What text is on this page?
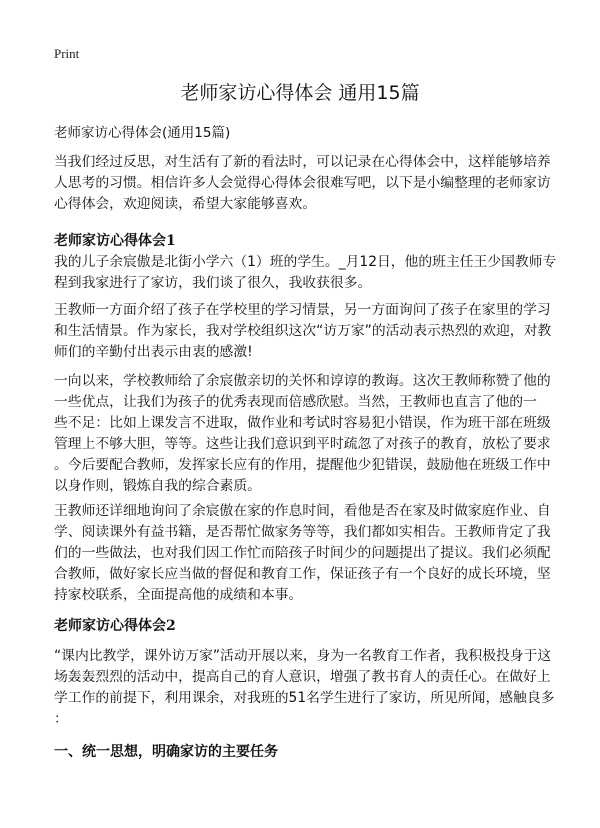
Print
老师家访心得体会 通用15篇
老师家访心得体会(通用15篇)
当我们经过反思，对生活有了新的看法时，可以记录在心得体会中，这样能够培养
人思考的习惯。相信许多人会觉得心得体会很难写吧，以下是小编整理的老师家访
心得体会，欢迎阅读，希望大家能够喜欢。
老师家访心得体会1
我的儿子余宸傲是北街小学六（1）班的学生。_月12日，他的班主任王少国教师专
程到我家进行了家访，我们谈了很久，我收获很多。
王教师一方面介绍了孩子在学校里的学习情景，另一方面询问了孩子在家里的学习
和生活情景。作为家长，我对学校组织这次“访万家”的活动表示热烈的欢迎，对教
师们的辛勤付出表示由衷的感激!
一向以来，学校教师给了余宸傲亲切的关怀和谆谆的教诲。这次王教师称赞了他的
一些优点，让我们为孩子的优秀表现而倍感欣慰。当然，王教师也直言了他的一
些不足：比如上课发言不进取，做作业和考试时容易犯小错误，作为班干部在班级
管理上不够大胆，等等。这些让我们意识到平时疏忽了对孩子的教育，放松了要求
。今后要配合教师，发挥家长应有的作用，提醒他少犯错误，鼓励他在班级工作中
以身作则，锻炼自我的综合素质。
王教师还详细地询问了余宸傲在家的作息时间，看他是否在家及时做家庭作业、自
学、阅读课外有益书籍，是否帮忙做家务等等，我们都如实相告。王教师肯定了我
们的一些做法，也对我们因工作忙而陪孩子时间少的问题提出了提议。我们必须配
合教师，做好家长应当做的督促和教育工作，保证孩子有一个良好的成长环境，坚
持家校联系，全面提高他的成绩和本事。
老师家访心得体会2
“课内比教学，课外访万家”活动开展以来，身为一名教育工作者，我积极投身于这
场轰轰烈烈的活动中，提高自己的育人意识，增强了教书育人的责任心。在做好上
学工作的前提下，利用课余，对我班的51名学生进行了家访，所见所闻，感触良多
：
一、统一思想，明确家访的主要任务
